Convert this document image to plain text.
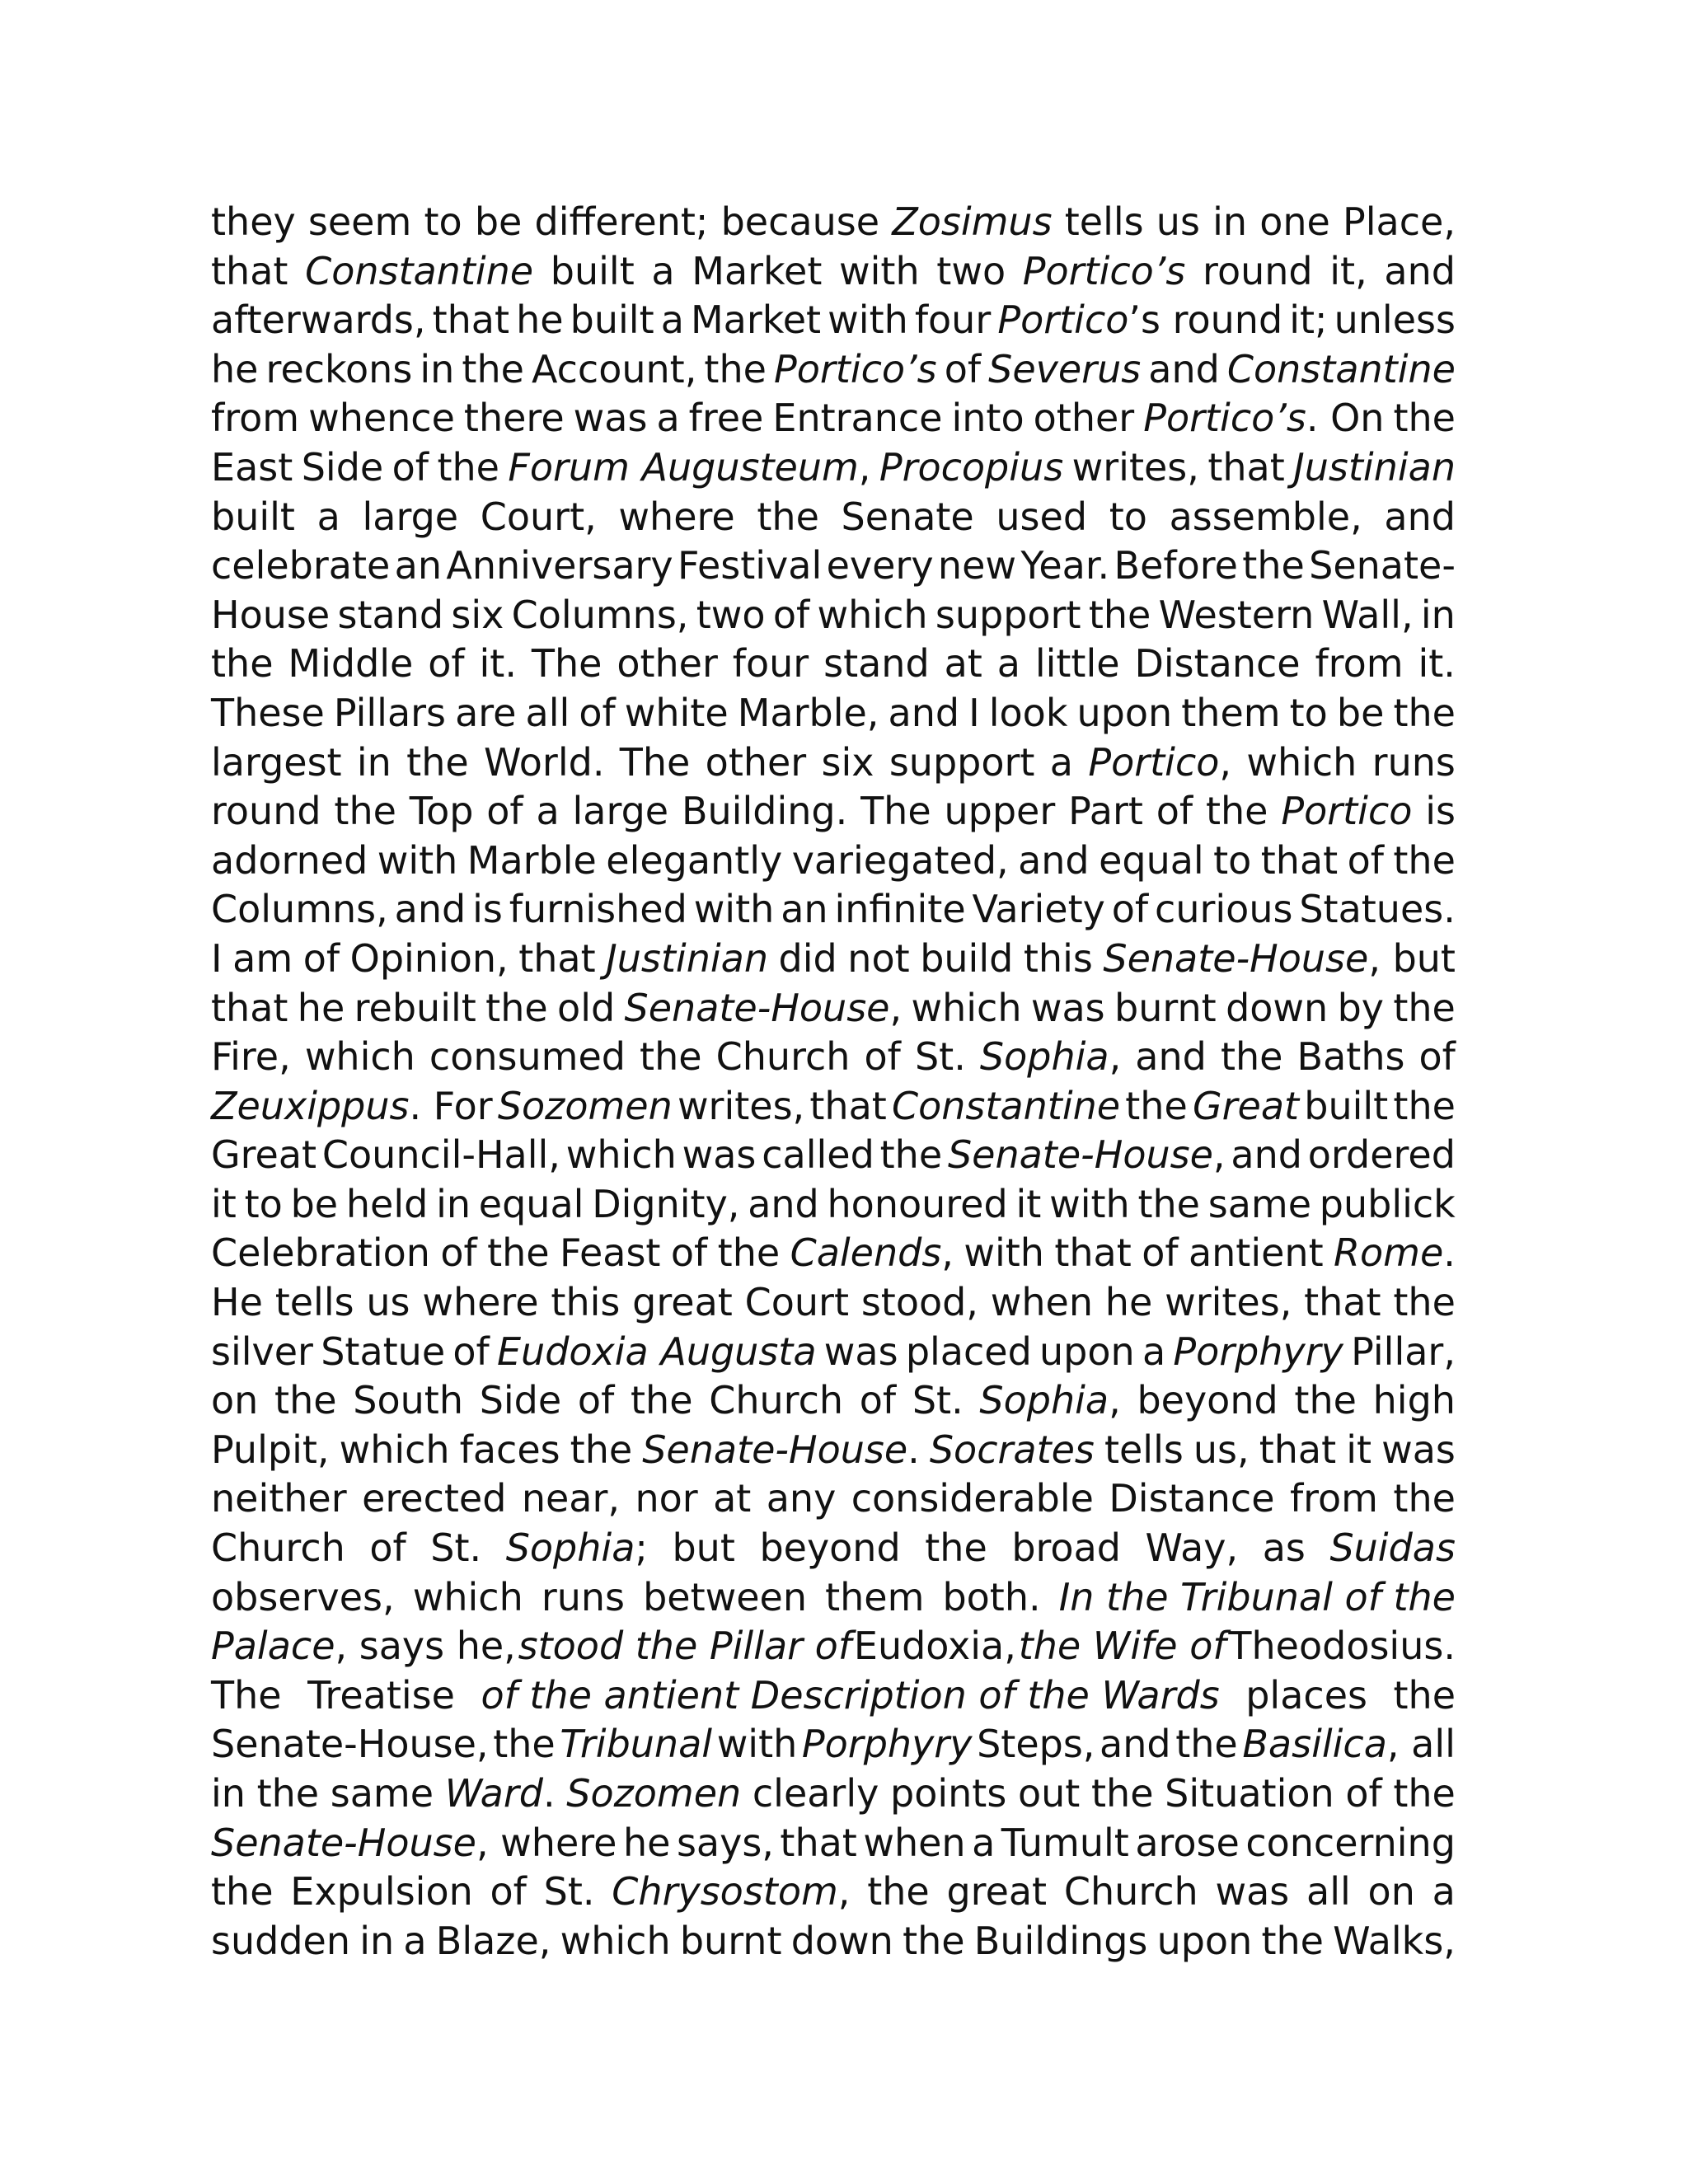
they seem to be different; because Zosimus tells us in one Place,
that Constantine built a Market with two Portico’s round it, and
afterwards, that he built a Market with four Portico’s round it; unless
he reckons in the Account, the Portico’s of Severus and Constantine
from whence there was a free Entrance into other Portico’s. On the
East Side of the Forum Augusteum, Procopius writes, that Justinian
built a large Court, where the Senate used to assemble, and
celebrate an Anniversary Festival every new Year. Before the Senate-
House stand six Columns, two of which support the Western Wall, in
the Middle of it. The other four stand at a little Distance from it.
These Pillars are all of white Marble, and I look upon them to be the
largest in the World. The other six support a Portico, which runs
round the Top of a large Building. The upper Part of the Portico is
adorned with Marble elegantly variegated, and equal to that of the
Columns, and is furnished with an infinite Variety of curious Statues.
I am of Opinion, that Justinian did not build this Senate-House, but
that he rebuilt the old Senate-House, which was burnt down by the
Fire, which consumed the Church of St. Sophia, and the Baths of
Zeuxippus. For Sozomen writes, that Constantine the Great built the
Great Council-Hall, which was called the Senate-House, and ordered
it to be held in equal Dignity, and honoured it with the same publick
Celebration of the Feast of the Calends, with that of antient Rome.
He tells us where this great Court stood, when he writes, that the
silver Statue of Eudoxia Augusta was placed upon a Porphyry Pillar,
on the South Side of the Church of St. Sophia, beyond the high
Pulpit, which faces the Senate-House. Socrates tells us, that it was
neither erected near, nor at any considerable Distance from the
Church of St. Sophia; but beyond the broad Way, as Suidas
observes, which runs between them both. In the Tribunal of the
Palace, says he, stood the Pillar of Eudoxia, the Wife of Theodosius.
The Treatise of the antient Description of the Wards places the
Senate-House, the Tribunal with Porphyry Steps, and the Basilica, all
in the same Ward. Sozomen clearly points out the Situation of the
Senate-House, where he says, that when a Tumult arose concerning
the Expulsion of St. Chrysostom, the great Church was all on a
sudden in a Blaze, which burnt down the Buildings upon the Walks,
